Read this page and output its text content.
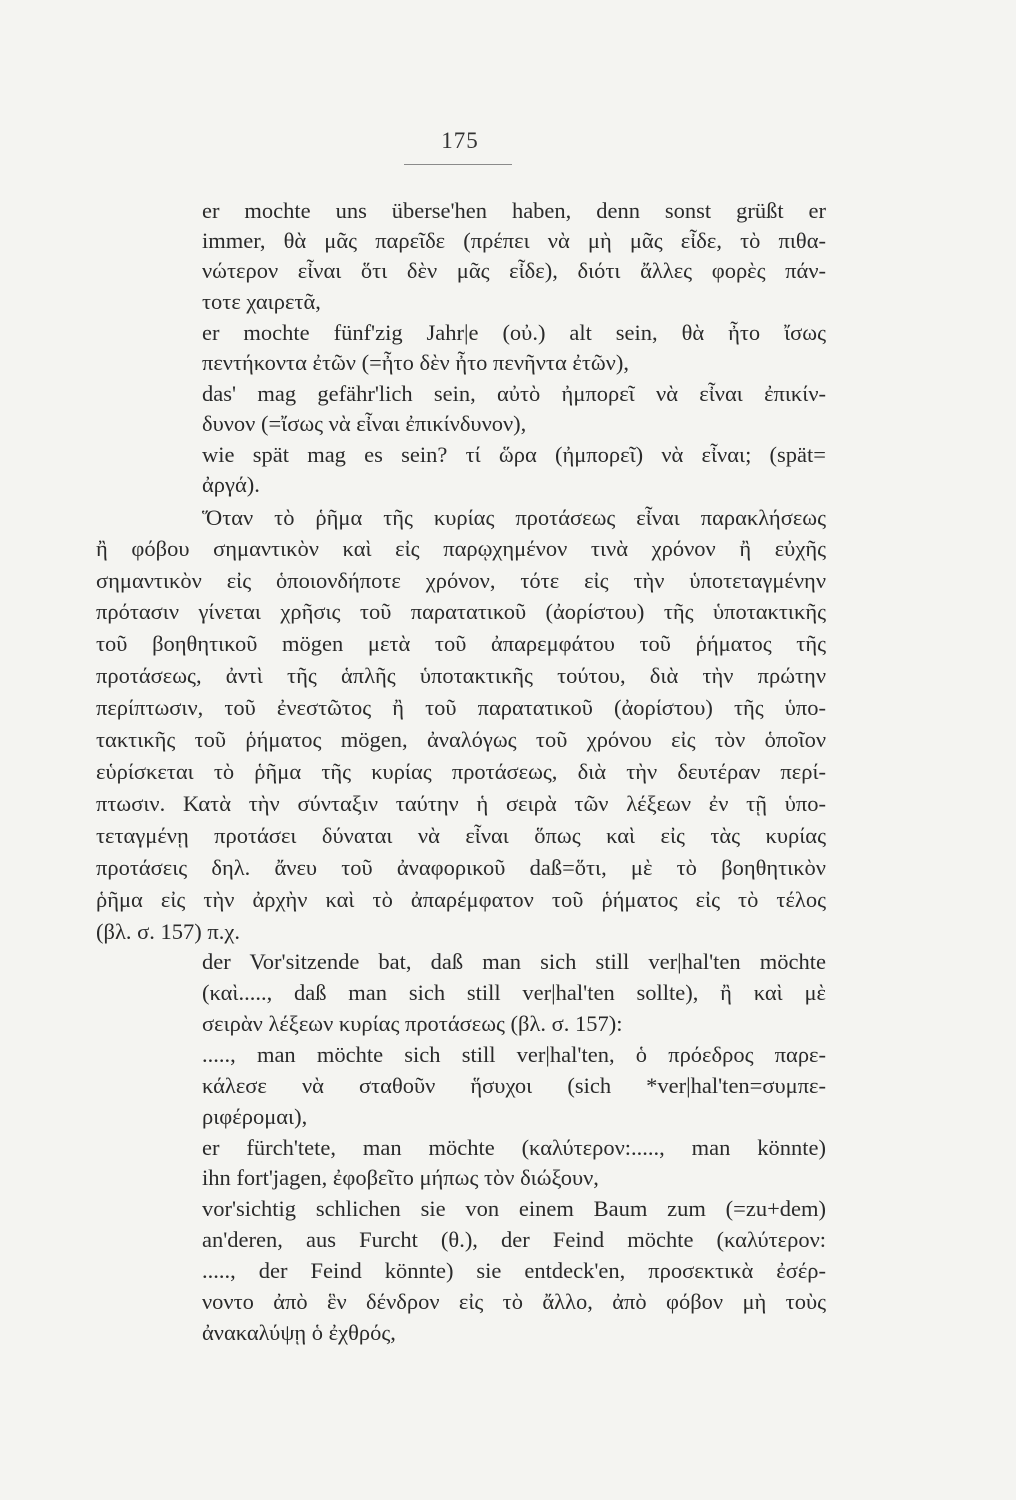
175
er mochte uns überse'hen haben, denn sonst grüßt er
immer, θὰ μᾶς παρεῖδε (πρέπει νὰ μὴ μᾶς εἶδε, τὸ πιθα-
νώτερον εἶναι ὅτι δὲν μᾶς εἶδε), διότι ἄλλες φορὲς πάν-
τοτε χαιρετᾶ,
er mochte fünf'zig Jahr|e (οὐ.) alt sein, θὰ ἦτο ἴσως
πεντήκοντα ἐτῶν (=ἦτο δὲν ἦτο πενῆντα ἐτῶν),
das' mag gefähr'lich sein, αὐτὸ ἠμπορεῖ νὰ εἶναι ἐπικίν-
δυνον (=ἴσως νὰ εἶναι ἐπικίνδυνον),
wie spät mag es sein? τί ὥρα (ἠμπορεῖ) νὰ εἶναι; (spät=
ἀργά).
Ὅταν τὸ ῥῆμα τῆς κυρίας προτάσεως εἶναι παρακλήσεως
ἢ φόβου σημαντικὸν καὶ εἰς παρῳχημένον τινὰ χρόνον ἢ εὐχῆς
σημαντικὸν εἰς ὁποιονδήποτε χρόνον, τότε εἰς τὴν ὑποτεταγμένην
πρότασιν γίνεται χρῆσις τοῦ παρατατικοῦ (ἀορίστου) τῆς ὑποτακτικῆς
τοῦ βοηθητικοῦ mögen μετὰ τοῦ ἀπαρεμφάτου τοῦ ῥήματος τῆς
προτάσεως, ἀντὶ τῆς ἁπλῆς ὑποτακτικῆς τούτου, διὰ τὴν πρώτην
περίπτωσιν, τοῦ ἐνεστῶτος ἢ τοῦ παρατατικοῦ (ἀορίστου) τῆς ὑπο-
τακτικῆς τοῦ ῥήματος mögen, ἀναλόγως τοῦ χρόνου εἰς τὸν ὁποῖον
εὑρίσκεται τὸ ῥῆμα τῆς κυρίας προτάσεως, διὰ τὴν δευτέραν περί-
πτωσιν. Κατὰ τὴν σύνταξιν ταύτην ἡ σειρὰ τῶν λέξεων ἐν τῇ ὑπο-
τεταγμένῃ προτάσει δύναται νὰ εἶναι ὅπως καὶ εἰς τὰς κυρίας
προτάσεις δηλ. ἄνευ τοῦ ἀναφορικοῦ daß=ὅτι, μὲ τὸ βοηθητικὸν
ῥῆμα εἰς τὴν ἀρχὴν καὶ τὸ ἀπαρέμφατον τοῦ ῥήματος εἰς τὸ τέλος
(βλ. σ. 157) π.χ.
der Vor'sitzende bat, daß man sich still ver|hal'ten möchte
(καὶ....., daß man sich still ver|hal'ten sollte), ἢ καὶ μὲ
σειρὰν λέξεων κυρίας προτάσεως (βλ. σ. 157):
....., man möchte sich still ver|hal'ten, ὁ πρόεδρος παρε-
κάλεσε νὰ σταθοῦν ἥσυχοι (sich *ver|hal'ten=συμπε-
ριφέρομαι),
er fürch'tete, man möchte (καλύτερον:....., man könnte)
ihn fort'jagen, ἐφοβεῖτο μήπως τὸν διώξουν,
vor'sichtig schlichen sie von einem Baum zum (=zu+dem)
an'deren, aus Furcht (θ.), der Feind möchte (καλύτερον:
....., der Feind könnte) sie entdeck'en, προσεκτικὰ ἐσέρ-
νοντο ἀπὸ ἓν δένδρον εἰς τὸ ἄλλο, ἀπὸ φόβον μὴ τοὺς
ἀνακαλύψῃ ὁ ἐχθρός,
